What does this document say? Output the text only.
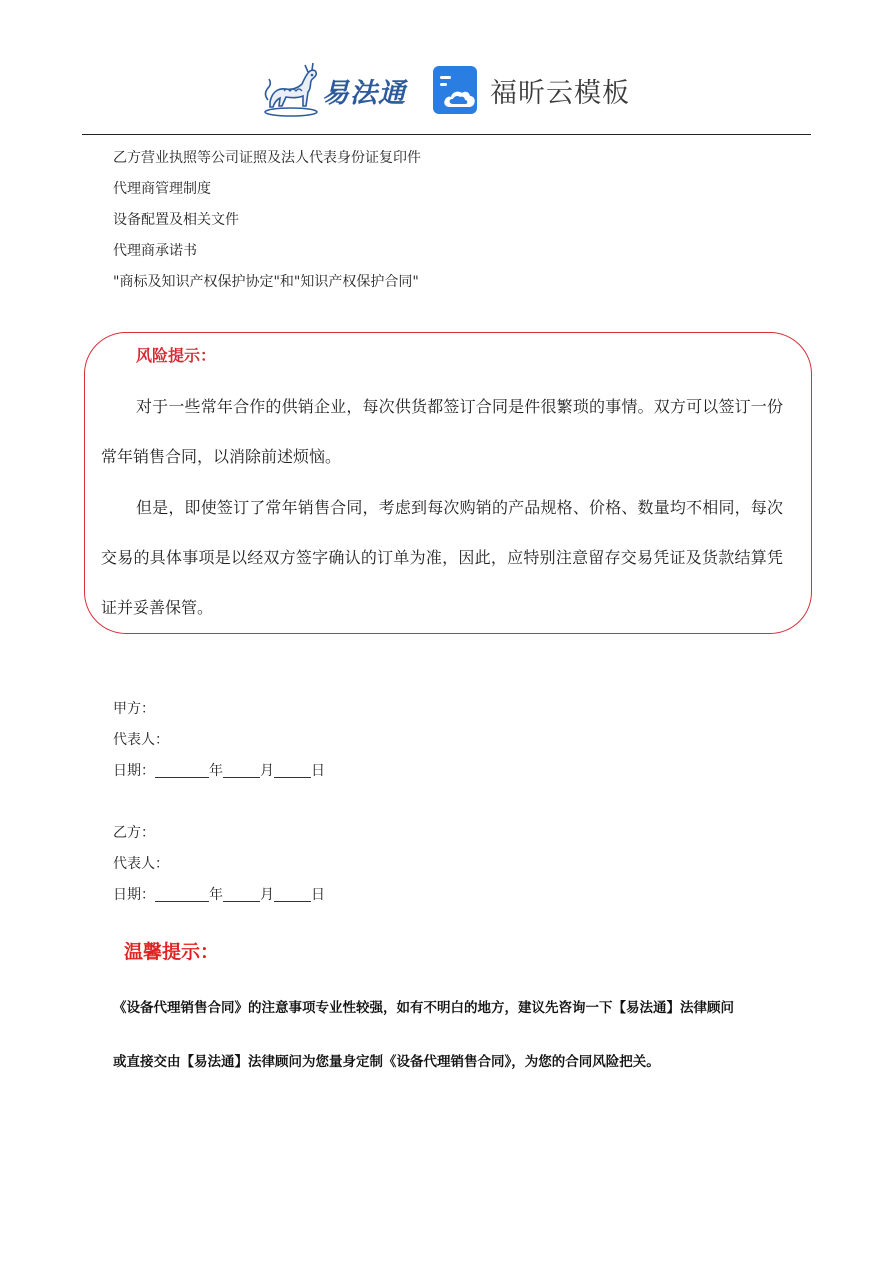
易法通	福昕云模板
乙方营业执照等公司证照及法人代表身份证复印件
代理商管理制度
设备配置及相关文件
代理商承诺书
"商标及知识产权保护协定"和"知识产权保护合同"
风险提示：
对于一些常年合作的供销企业，每次供货都签订合同是件很繁琐的事情。双方可以签订一份常年销售合同，以消除前述烦恼。
但是，即使签订了常年销售合同，考虑到每次购销的产品规格、价格、数量均不相同，每次交易的具体事项是以经双方签字确认的订单为准，因此，应特别注意留存交易凭证及货款结算凭证并妥善保管。
甲方：
代表人：
日期：	年	月	日
乙方：
代表人：
日期：	年	月	日
温馨提示：
《设备代理销售合同》的注意事项专业性较强，如有不明白的地方，建议先咨询一下【易法通】法律顾问
或直接交由【易法通】法律顾问为您量身定制《设备代理销售合同》，为您的合同风险把关。
